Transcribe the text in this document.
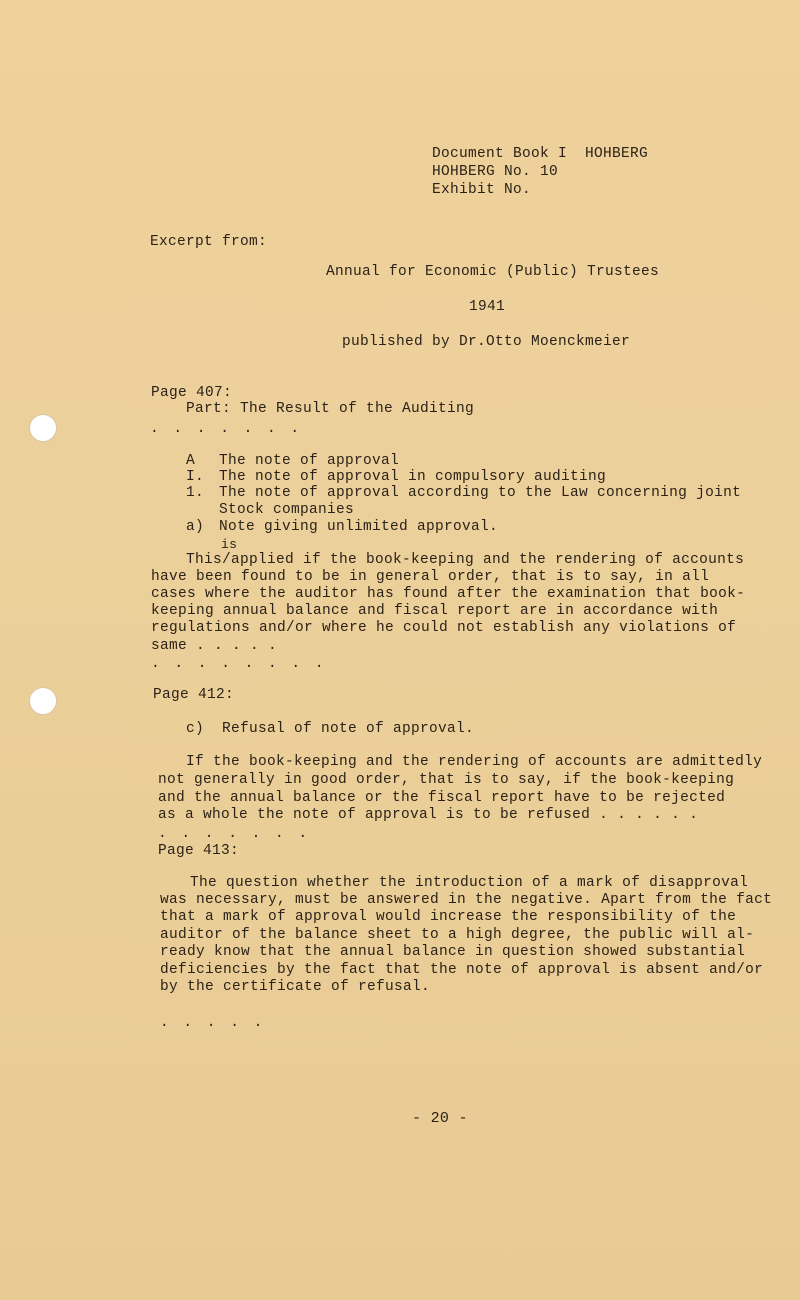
Document Book I  HOHBERG
HOHBERG No. 10
Exhibit No.
Excerpt from:
Annual for Economic (Public) Trustees
1941
published by Dr.Otto Moenckmeier
Page 407:
Part: The Result of the Auditing
. . . . . . .
A The note of approval
I. The note of approval in compulsory auditing
1. The note of approval according to the Law concerning joint
Stock companies
a) Note giving unlimited approval.
is
This/applied if the book-keeping and the rendering of accounts
have been found to be in general order, that is to say, in all
cases where the auditor has found after the examination that book-
keeping annual balance and fiscal report are in accordance with
regulations and/or where he could not establish any violations of
same . . . . .
. . . . . . . .
Page 412:
c)  Refusal of note of approval.
If the book-keeping and the rendering of accounts are admittedly
not generally in good order, that is to say, if the book-keeping
and the annual balance or the fiscal report have to be rejected
as a whole the note of approval is to be refused . . . . . .
. . . . . . .
Page 413:
The question whether the introduction of a mark of disapproval
was necessary, must be answered in the negative. Apart from the fact
that a mark of approval would increase the responsibility of the
auditor of the balance sheet to a high degree, the public will al-
ready know that the annual balance in question showed substantial
deficiencies by the fact that the note of approval is absent and/or
by the certificate of refusal.
. . . . .
- 20 -
